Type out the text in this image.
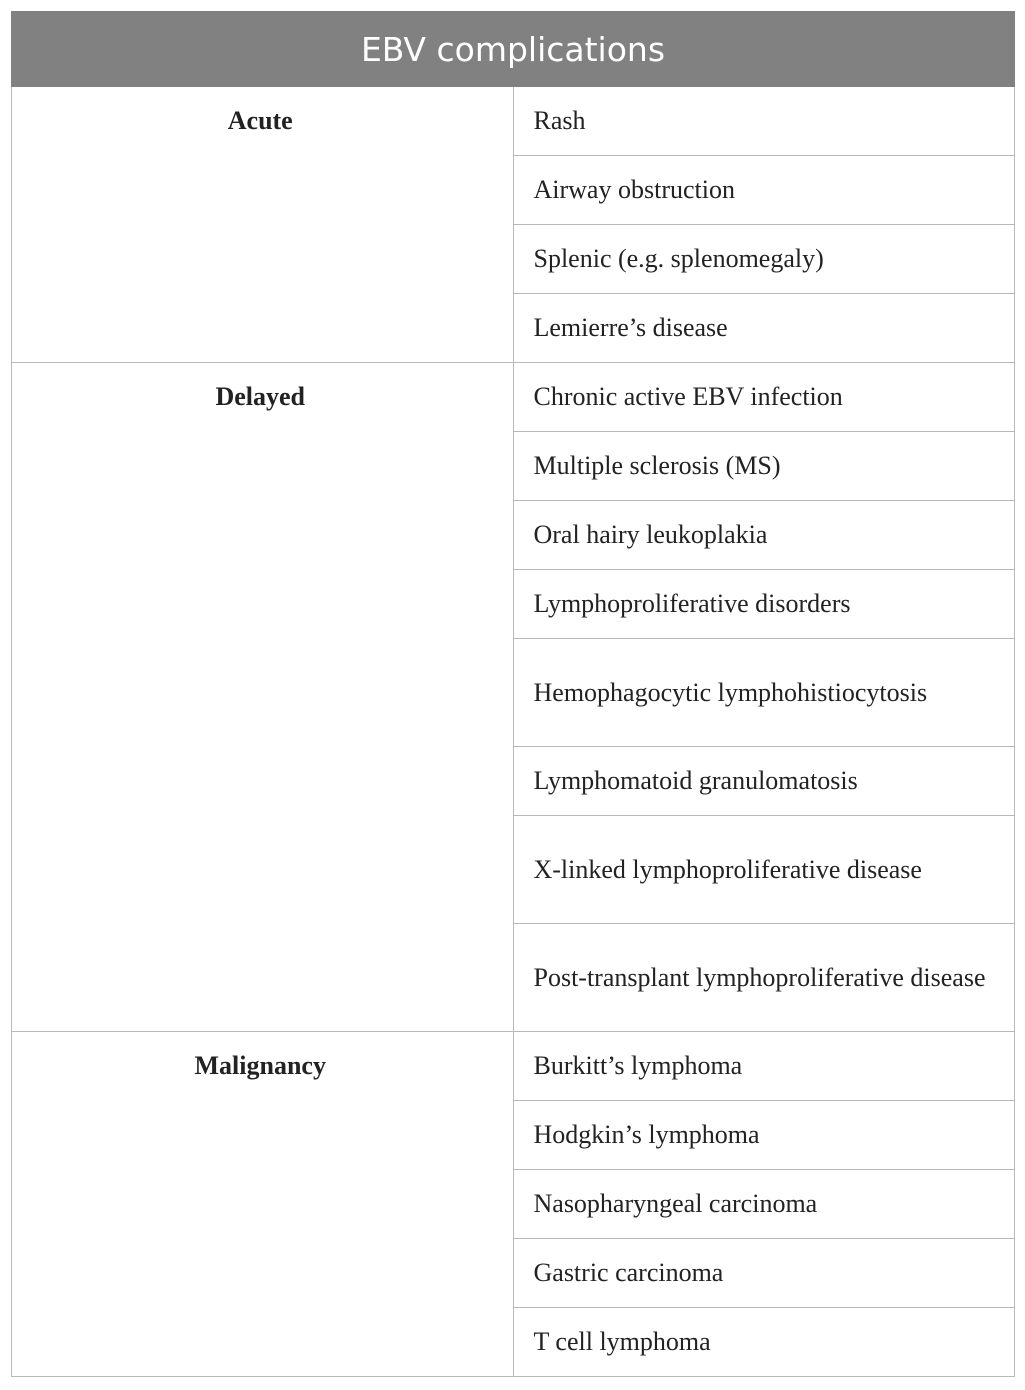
EBV complications	
Acute	Rash
	Airway obstruction
	Splenic (e.g. splenomegaly)
	Lemierre’s disease
Delayed	Chronic active EBV infection
	Multiple sclerosis (MS)
	Oral hairy leukoplakia
	Lymphoproliferative disorders
	Hemophagocytic lymphohistiocytosis
	Lymphomatoid granulomatosis
	X-linked lymphoproliferative disease
	Post-transplant lymphoproliferative disease
Malignancy	Burkitt’s lymphoma
	Hodgkin’s lymphoma
	Nasopharyngeal carcinoma
	Gastric carcinoma
	T cell lymphoma
